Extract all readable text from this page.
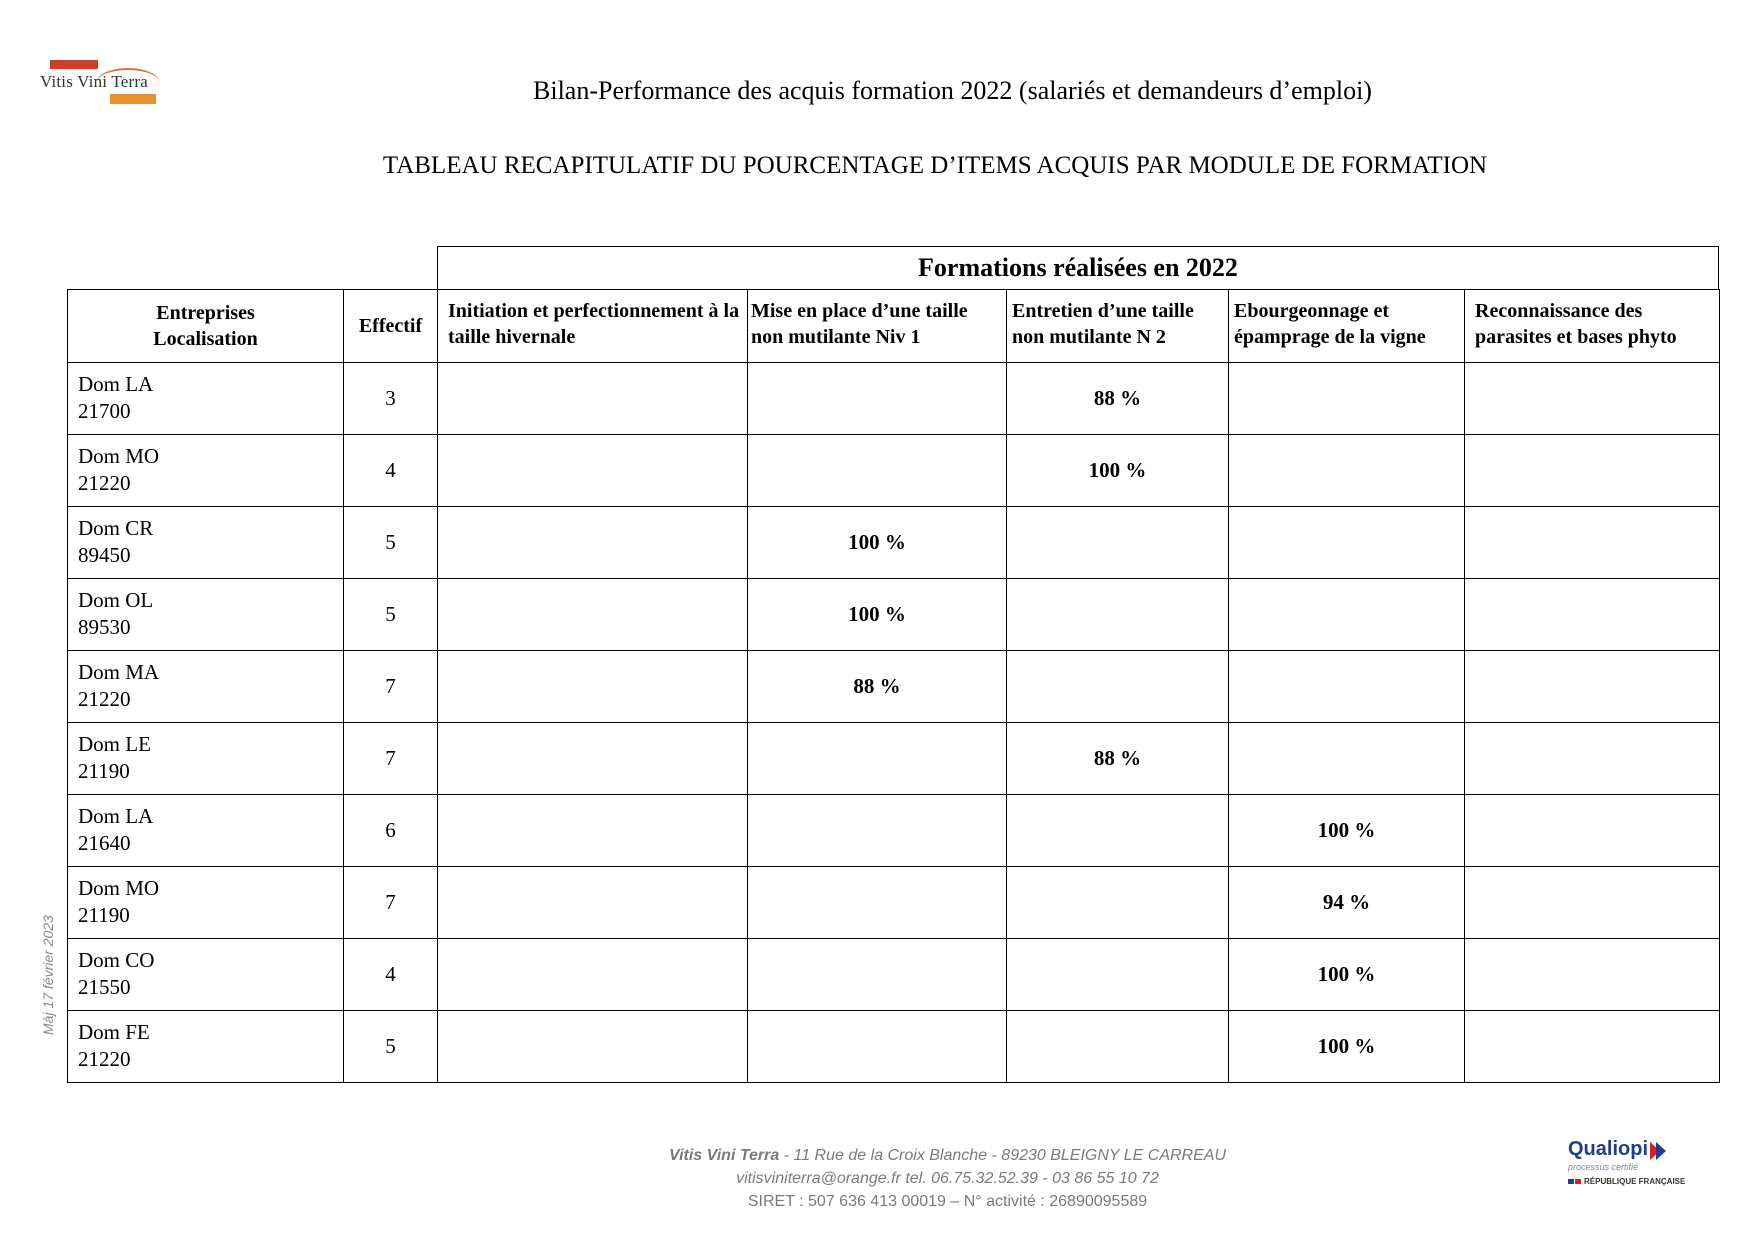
Vitis Vini Terra	Bilan-Performance des acquis formation 2022 (salariés et demandeurs d’emploi)
TABLEAU RECAPITULATIF DU POURCENTAGE D’ITEMS ACQUIS PAR MODULE DE FORMATION
Formations réalisées en 2022
Entreprises
Localisation	Effectif	Initiation et perfectionnement à la taille hivernale	Mise en place d’une taille non mutilante Niv 1	Entretien d’une taille non mutilante N 2	Ebourgeonnage et épamprage de la vigne	Reconnaissance des parasites et bases phyto

Dom LA
21700	3			88 %		

Dom MO
21220	4			100 %		

Dom CR
89450	5		100 %			

Dom OL
89530	5		100 %			

Dom MA
21220	7		88 %			

Dom LE
21190	7			88 %		

Dom LA
21640	6				100 %	

Dom MO
21190	7				94 %	

Dom CO
21550	4				100 %	

Dom FE
21220	5				100 %	
Màj 17 février 2023
Vitis Vini Terra - 11 Rue de la Croix Blanche - 89230 BLEIGNY LE CARREAU
vitisviniterra@orange.fr tel. 06.75.32.52.39 - 03 86 55 10 72
SIRET : 507 636 413 00019 – N° activité : 26890095589
Qualiopi
processus certifié
RÉPUBLIQUE FRANÇAISE
